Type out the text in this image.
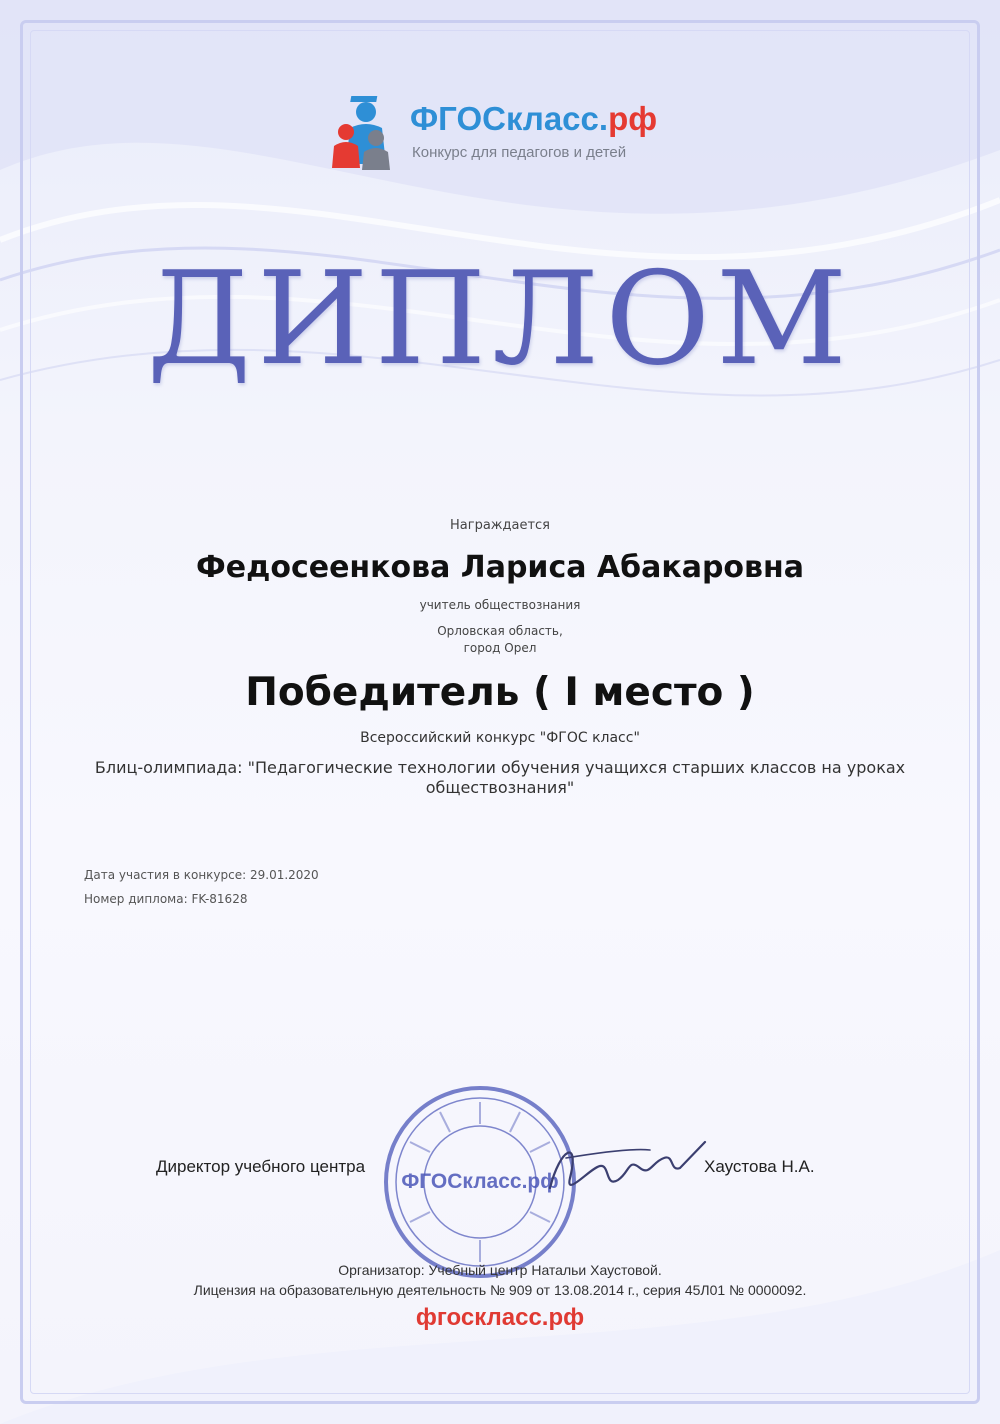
ФГОСкласс.рф
Конкурс для педагогов и детей
ДИПЛОМ
Награждается
Федосеенкова Лариса Абакаровна
учитель обществознания
Орловская область,
город Орел
Победитель ( I место )
Всероссийский конкурс "ФГОС класс"
Блиц-олимпиада: "Педагогические технологии обучения учащихся старших классов на уроках обществознания"
Дата участия в конкурсе: 29.01.2020
Номер диплома: FK-81628
Директор учебного центра
ФГОСкласс.рф
Хаустова Н.А.
Организатор: Учебный центр Натальи Хаустовой.
Лицензия на образовательную деятельность № 909 от 13.08.2014 г., серия 45Л01 № 0000092.
фгосклacc.рф
